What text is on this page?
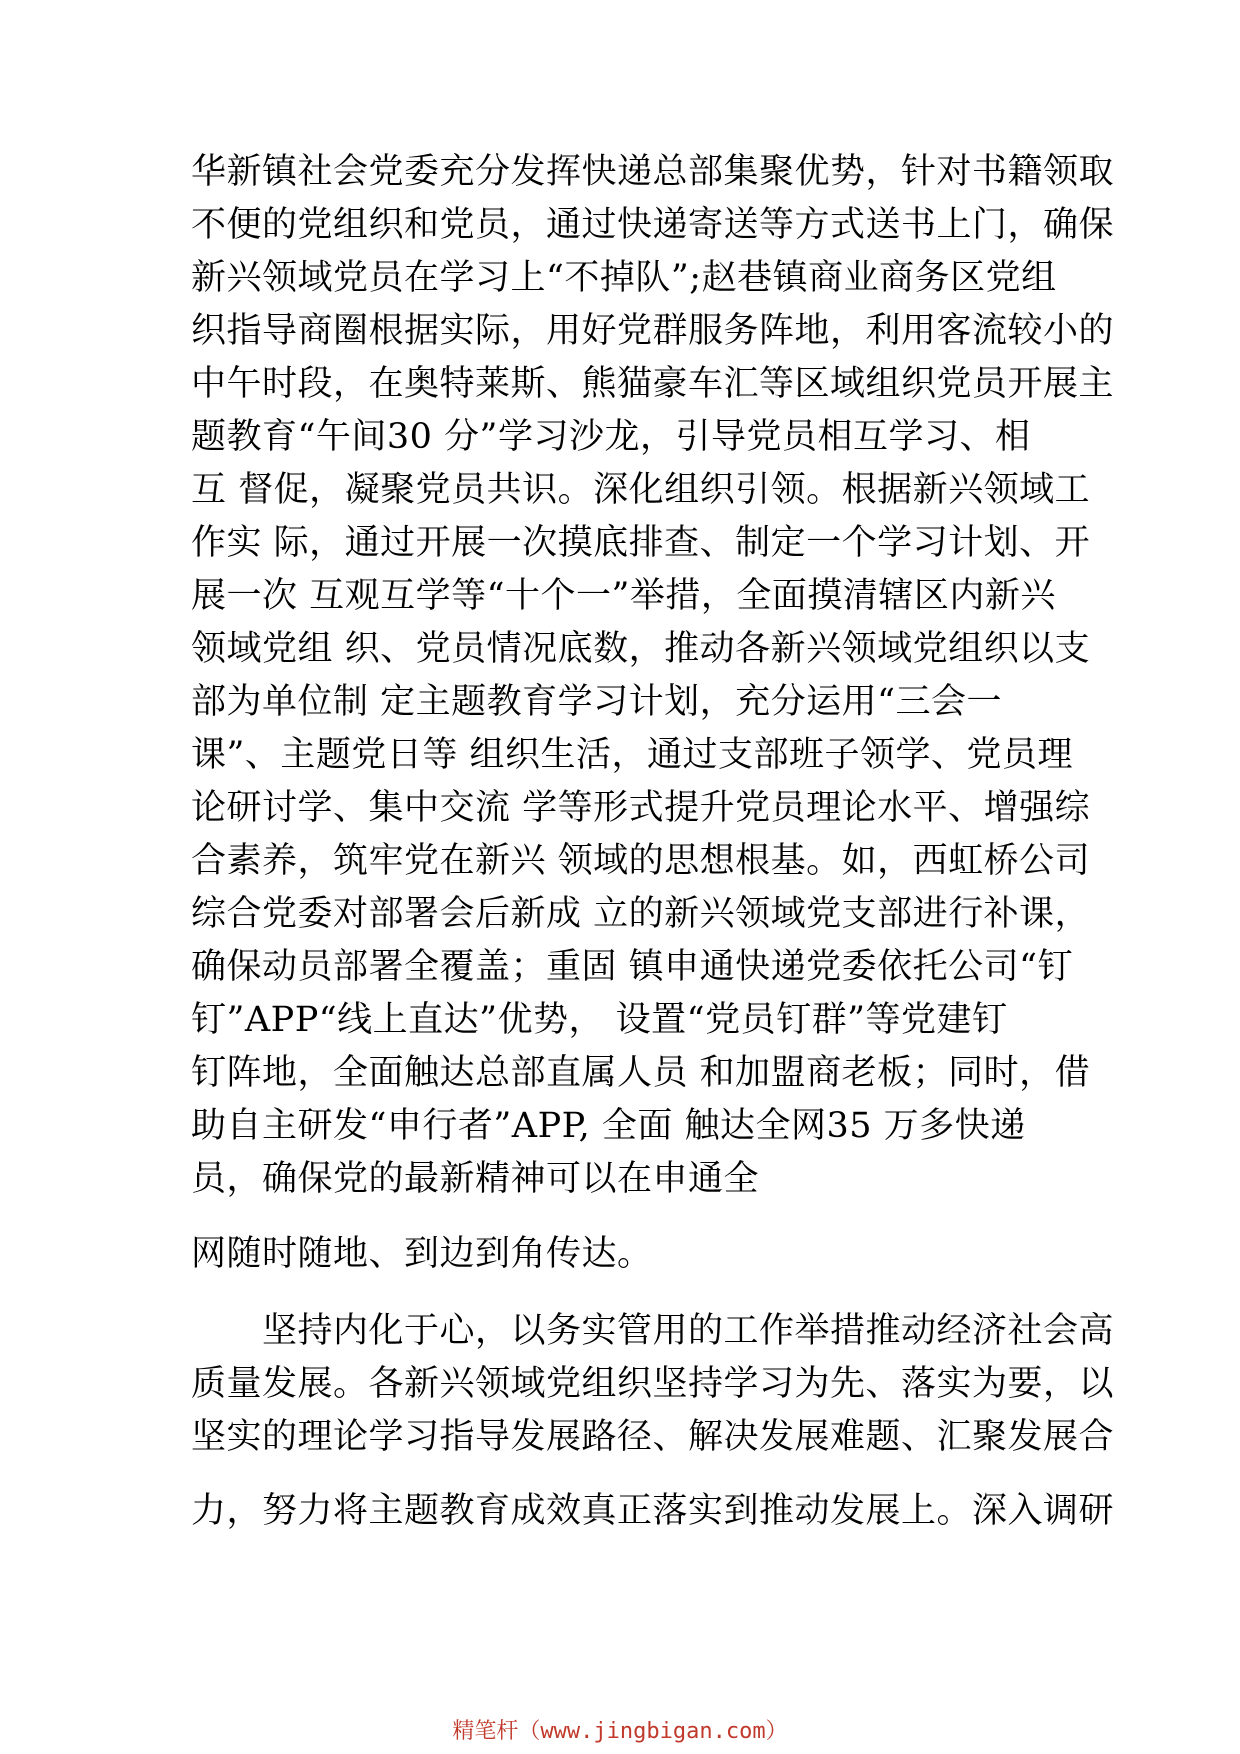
华新镇社会党委充分发挥快递总部集聚优势，针对书籍领取
不便的党组织和党员，通过快递寄送等方式送书上门，确保
新兴领域党员在学习上“不掉队”;赵巷镇商业商务区党组
织指导商圈根据实际，用好党群服务阵地，利用客流较小的
中午时段，在奥特莱斯、熊猫豪车汇等区域组织党员开展主
题教育“午间30 分”学习沙龙，引导党员相互学习、相
互 督促，凝聚党员共识。深化组织引领。根据新兴领域工
作实 际，通过开展一次摸底排查、制定一个学习计划、开
展一次 互观互学等“十个一”举措，全面摸清辖区内新兴
领域党组 织、党员情况底数，推动各新兴领域党组织以支
部为单位制 定主题教育学习计划，充分运用“三会一
课”、主题党日等 组织生活，通过支部班子领学、党员理
论研讨学、集中交流 学等形式提升党员理论水平、增强综
合素养，筑牢党在新兴 领域的思想根基。如，西虹桥公司
综合党委对部署会后新成 立的新兴领域党支部进行补课，
确保动员部署全覆盖；重固 镇申通快递党委依托公司“钉
钉”APP“线上直达”优势， 设置“党员钉群”等党建钉
钉阵地，全面触达总部直属人员 和加盟商老板；同时，借
助自主研发“申行者”APP, 全面 触达全网35 万多快递
员，确保党的最新精神可以在申通全
网随时随地、到边到角传达。
　　坚持内化于心，以务实管用的工作举措推动经济社会高
质量发展。各新兴领域党组织坚持学习为先、落实为要，以
坚实的理论学习指导发展路径、解决发展难题、汇聚发展合
力，努力将主题教育成效真正落实到推动发展上。深入调研
精笔杆（www.jingbigan.com）
